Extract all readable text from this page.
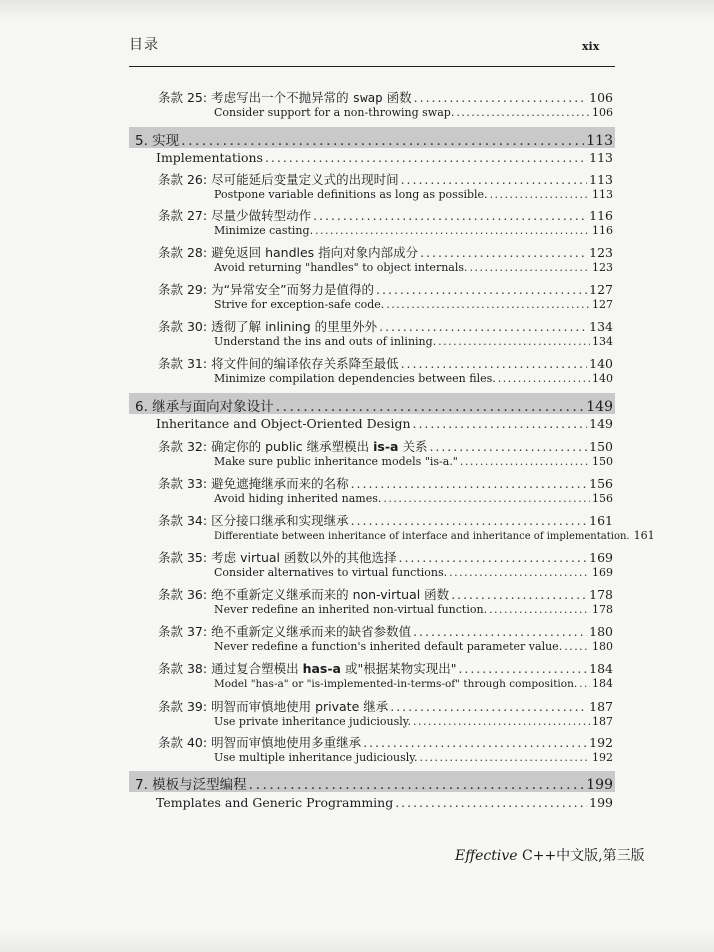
目录	xix
条款 25: 考虑写出一个不抛异常的 swap 函数 . . .	106
Consider support for a non-throwing swap. . . .	106
5. 实现 . . .	113
Implementations . . .	113
条款 26: 尽可能延后变量定义式的出现时间 . . .	113
Postpone variable definitions as long as possible. . . .	113
条款 27: 尽量少做转型动作 . . .	116
Minimize casting. . . .	116
条款 28: 避免返回 handles 指向对象内部成分 . . .	123
Avoid returning "handles" to object internals. . . .	123
条款 29: 为“异常安全”而努力是值得的 . . .	127
Strive for exception-safe code. . . .	127
条款 30: 透彻了解 inlining 的里里外外 . . .	134
Understand the ins and outs of inlining. . . .	134
条款 31: 将文件间的编译依存关系降至最低 . . .	140
Minimize compilation dependencies between files. . . .	140
6. 继承与面向对象设计 . . .	149
Inheritance and Object-Oriented Design . . .	149
条款 32: 确定你的 public 继承塑模出 is-a 关系 . . .	150
Make sure public inheritance models "is-a." . . .	150
条款 33: 避免遮掩继承而来的名称 . . .	156
Avoid hiding inherited names. . . .	156
条款 34: 区分接口继承和实现继承 . . .	161
Differentiate between inheritance of interface and inheritance of implementation. 161
条款 35: 考虑 virtual 函数以外的其他选择 . . .	169
Consider alternatives to virtual functions. . . .	169
条款 36: 绝不重新定义继承而来的 non-virtual 函数 . . .	178
Never redefine an inherited non-virtual function. . . .	178
条款 37: 绝不重新定义继承而来的缺省参数值 . . .	180
Never redefine a function's inherited default parameter value. . . .	180
条款 38: 通过复合塑模出 has-a 或"根据某物实现出" . . .	184
Model "has-a" or "is-implemented-in-terms-of" through composition. . . . 184
条款 39: 明智而审慎地使用 private 继承 . . .	187
Use private inheritance judiciously. . . .	187
条款 40: 明智而审慎地使用多重继承 . . .	192
Use multiple inheritance judiciously. . . .	192
7. 模板与泛型编程 . . .	199
Templates and Generic Programming . . .	199
Effective C++中文版,第三版
